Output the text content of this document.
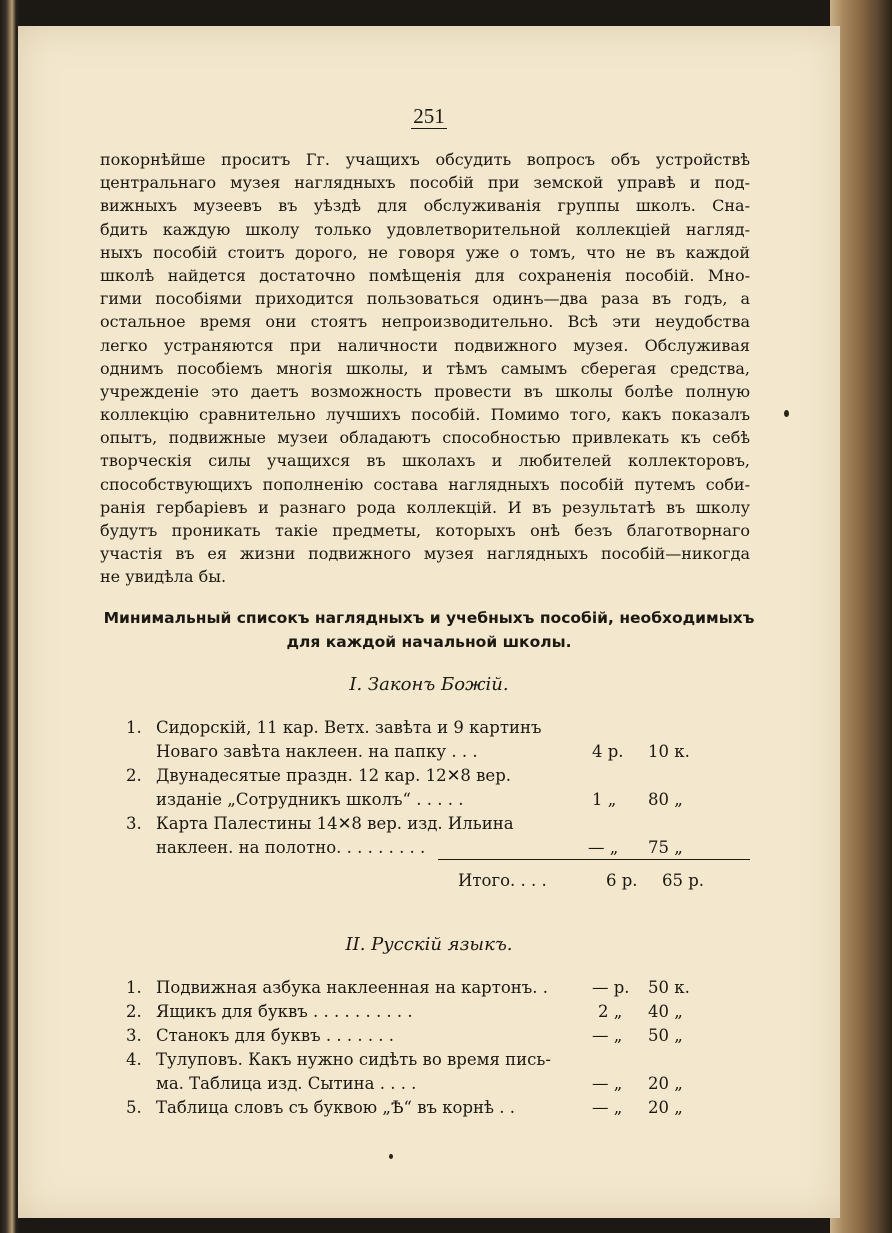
251
покорнѣйше проситъ Гг. учащихъ обсудить вопросъ объ устройствѣ
центральнаго музея наглядныхъ пособій при земской управѣ и под-
вижныхъ музеевъ въ уѣздѣ для обслуживанія группы школъ. Сна-
бдить каждую школу только удовлетворительной коллекціей нагляд-
ныхъ пособій стоитъ дорого, не говоря уже о томъ, что не въ каждой
школѣ найдется достаточно помѣщенія для сохраненія пособій. Мно-
гими пособіями приходится пользоваться одинъ—два раза въ годъ, а
остальное время они стоятъ непроизводительно. Всѣ эти неудобства
легко устраняются при наличности подвижного музея. Обслуживая
однимъ пособіемъ многія школы, и тѣмъ самымъ сберегая средства,
учрежденіе это даетъ возможность провести въ школы болѣе полную
коллекцію сравнительно лучшихъ пособій. Помимо того, какъ показалъ
опытъ, подвижные музеи обладаютъ способностью привлекать къ себѣ
творческія силы учащихся въ школахъ и любителей коллекторовъ,
способствующихъ пополненію состава наглядныхъ пособій путемъ соби-
ранія гербаріевъ и разнаго рода коллекцій. И въ результатѣ въ школу
будутъ проникать такіе предметы, которыхъ онѣ безъ благотворнаго
участія въ ея жизни подвижного музея наглядныхъ пособій—никогда
не увидѣла бы.
Минимальный списокъ наглядныхъ и учебныхъ пособій, необходимыхъ
для каждой начальной школы.
I. Законъ Божій.
1. Сидорскій, 11 кар. Ветх. завѣта и 9 картинъ
Новаго завѣта наклеен. на папку . . .	4 р. 10 к.
2. Двунадесятые праздн. 12 кар. 12✕8 вер.
изданіе „Сотрудникъ школъ“ . . . . .	1 „ 80 „
3. Карта Палестины 14✕8 вер. изд. Ильина
наклеен. на полотно. . . . . . . . .	— „ 75 „
Итого. . . .	6 р. 65 р.
II. Русскій языкъ.
1. Подвижная азбука наклеенная на картонъ. .	— р. 50 к.
2. Ящикъ для буквъ . . . . . . . . . .	2 „ 40 „
3. Станокъ для буквъ . . . . . . .	— „ 50 „
4. Тулуповъ. Какъ нужно сидѣть во время пись-
ма. Таблица изд. Сытина . . . .	— „ 20 „
5. Таблица словъ съ буквою „Ѣ“ въ корнѣ . .	— „ 20 „
